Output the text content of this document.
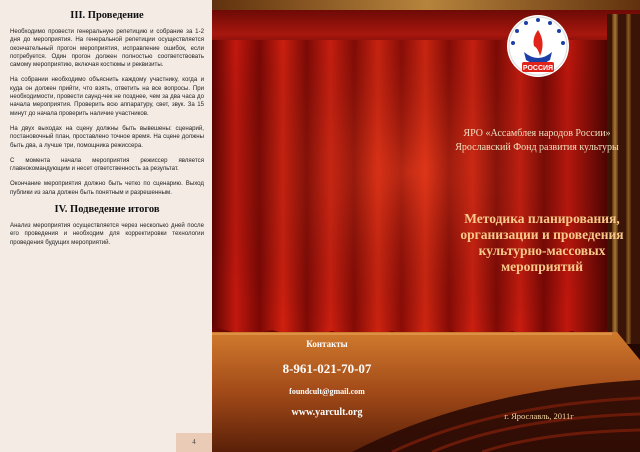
III. Проведение

Необходимо провести генеральную репетицию и собрание за 1-2 дня до мероприятия. На генеральной репетиции осуществляется окончательный прогон мероприятия, исправление ошибок, если потребуется. Один прогон должен полностью соответствовать самому мероприятию, включая костюмы и реквизиты.

На собрании необходимо объяснить каждому участнику, когда и куда он должен прийти, что взять, ответить на все вопросы. При необходимости, провести саунд-чек не позднее, чем за два часа до начала мероприятия. Проверить всю аппаратуру, свет, звук. За 15 минут до начала проверить наличие участников.

На двух выходах на сцену должны быть вывешены: сценарий, постановочный план, проставлено точное время. На сцене должны быть два, а лучше три, помощника режиссера.

С момента начала мероприятия режиссер является главнокомандующим и несет ответственность за результат.

Окончание мероприятия должно быть четко по сценарию. Выход публики из зала должен быть понятным и разрешенным.

IV. Подведение итогов

Анализ мероприятия осуществляется через несколько дней после его проведения и необходим для корректировки технологии проведения будущих мероприятий.

4
РОССИЯ
ЯРО «Ассамблея народов России»
Ярославский Фонд развития культуры
Методика планирования,
организации и проведения
культурно-массовых
мероприятий
Контакты
8-961-021-70-07
foundcult@gmail.com
www.yarcult.org	г. Ярославль, 2011г
